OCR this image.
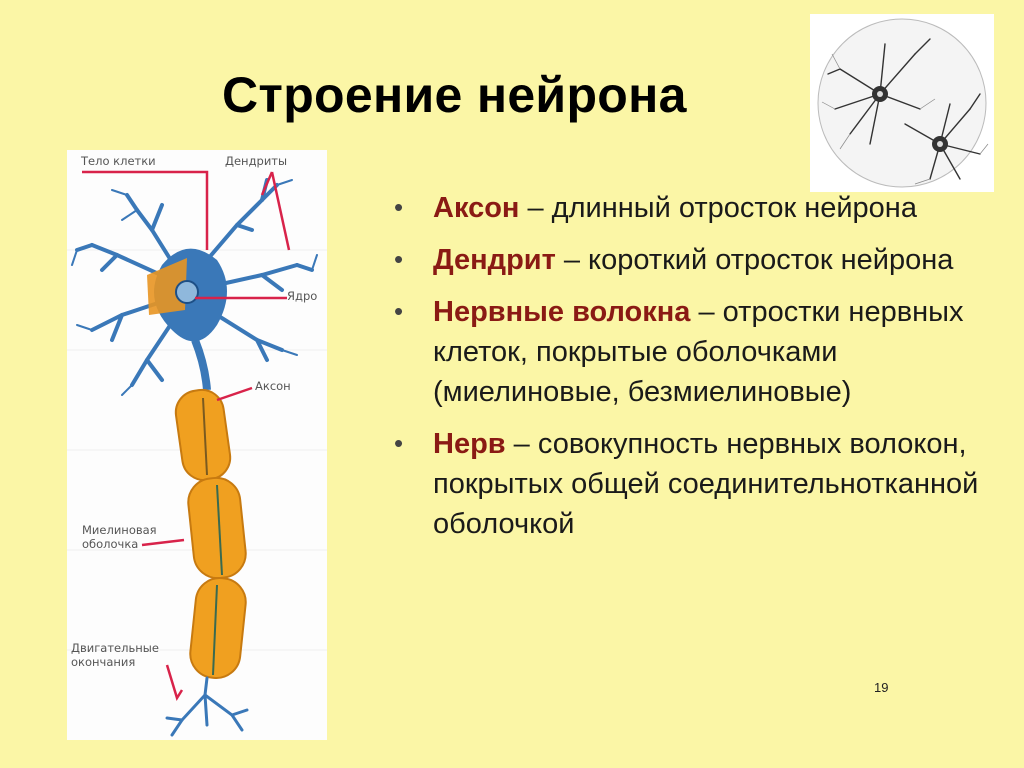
Строение нейрона
Тело клетки	Дендриты
Ядро
Аксон
Миелиновая
оболочка
Двигательные
окончания
• Аксон – длинный отросток нейрона
• Дендрит – короткий отросток нейрона
• Нервные волокна – отростки нервных клеток, покрытые оболочками (миелиновые, безмиелиновые)
• Нерв – совокупность нервных волокон, покрытых общей соединительнотканной оболочкой
19
